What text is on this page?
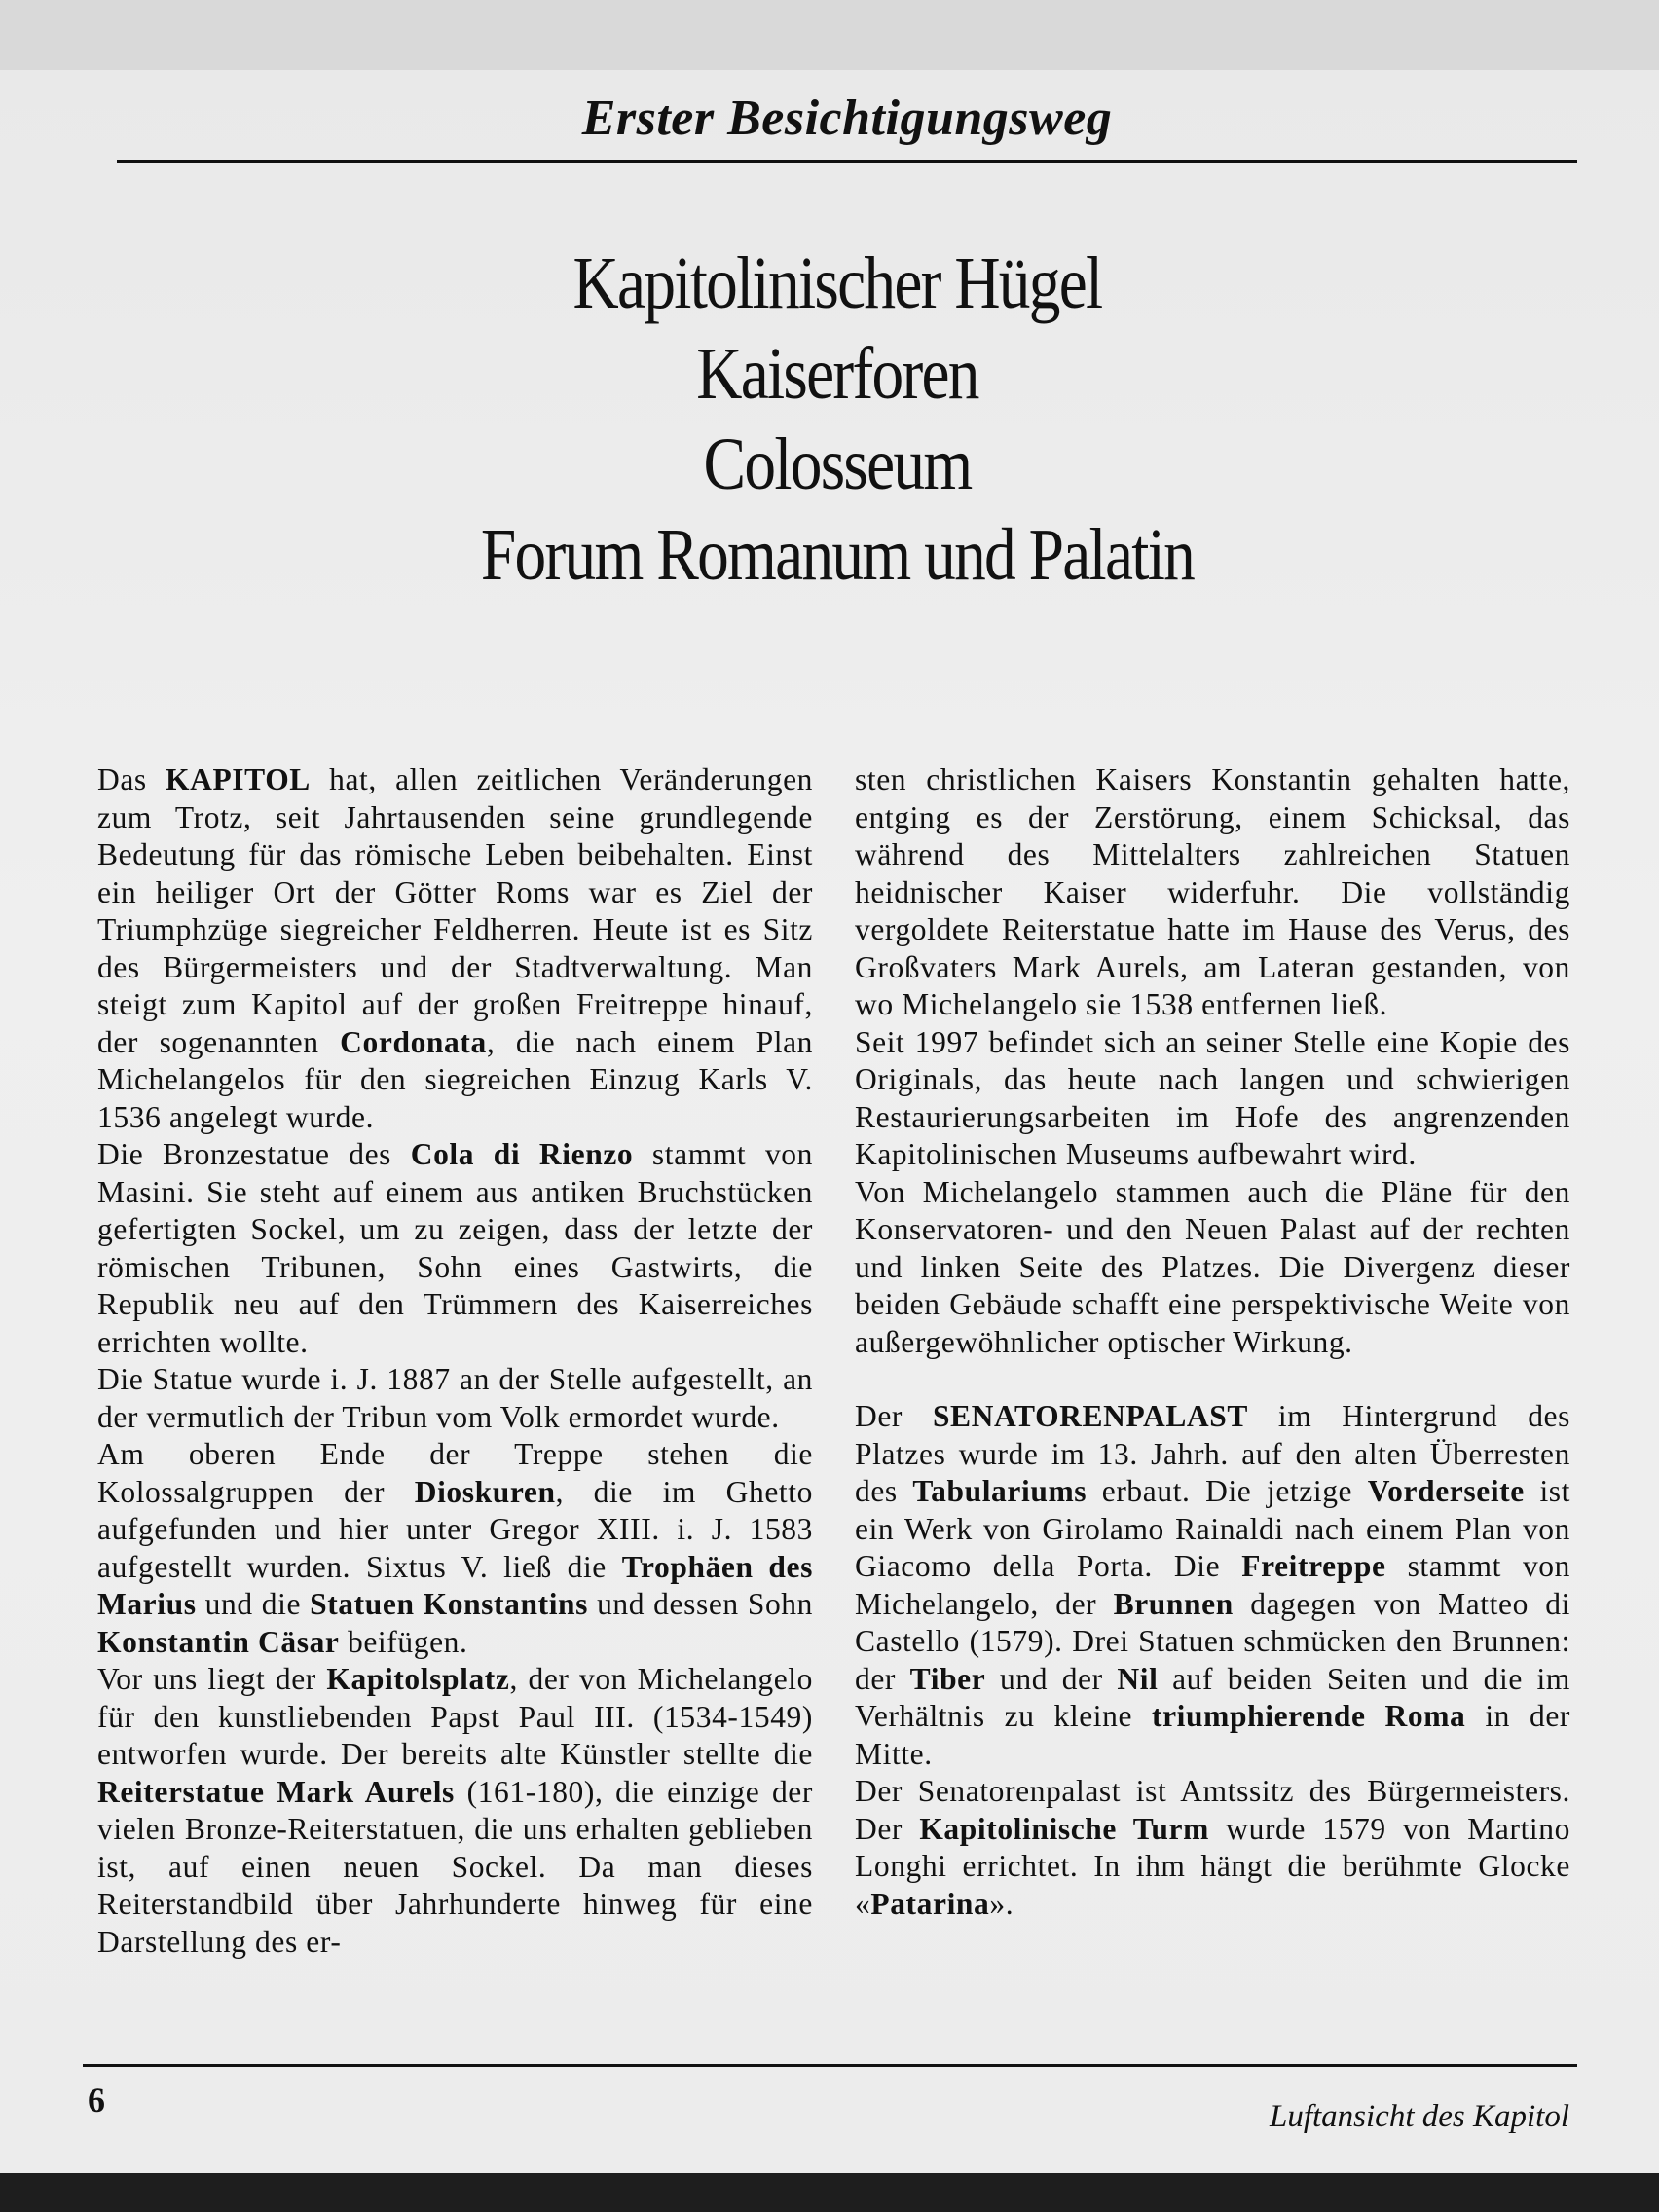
Erster Besichtigungsweg
Kapitolinischer Hügel
Kaiserforen
Colosseum
Forum Romanum und Palatin

Das KAPITOL hat, allen zeitlichen Veränderungen zum Trotz, seit Jahrtausenden seine grundlegende Bedeutung für das römische Leben beibehalten. Einst ein heiliger Ort der Götter Roms war es Ziel der Triumphzüge siegreicher Feldherren. Heute ist es Sitz des Bürgermeisters und der Stadtverwaltung. Man steigt zum Kapitol auf der großen Freitreppe hinauf, der sogenannten Cordonata, die nach einem Plan Michelangelos für den siegreichen Einzug Karls V. 1536 angelegt wurde.

Die Bronzestatue des Cola di Rienzo stammt von Masini. Sie steht auf einem aus antiken Bruchstücken gefertigten Sockel, um zu zeigen, dass der letzte der römischen Tribunen, Sohn eines Gastwirts, die Republik neu auf den Trümmern des Kaiserreiches errichten wollte.

Die Statue wurde i. J. 1887 an der Stelle aufgestellt, an der vermutlich der Tribun vom Volk ermordet wurde.

Am oberen Ende der Treppe stehen die Kolossalgruppen der Dioskuren, die im Ghetto aufgefunden und hier unter Gregor XIII. i. J. 1583 aufgestellt wurden. Sixtus V. ließ die Trophäen des Marius und die Statuen Konstantins und dessen Sohn Konstantin Cäsar beifügen.

Vor uns liegt der Kapitolsplatz, der von Michelangelo für den kunstliebenden Papst Paul III. (1534-1549) entworfen wurde. Der bereits alte Künstler stellte die Reiterstatue Mark Aurels (161-180), die einzige der vielen Bronze-Reiterstatuen, die uns erhalten geblieben ist, auf einen neuen Sockel. Da man dieses Reiterstandbild über Jahrhunderte hinweg für eine Darstellung des er-

sten christlichen Kaisers Konstantin gehalten hatte, entging es der Zerstörung, einem Schicksal, das während des Mittelalters zahlreichen Statuen heidnischer Kaiser widerfuhr. Die vollständig vergoldete Reiterstatue hatte im Hause des Verus, des Großvaters Mark Aurels, am Lateran gestanden, von wo Michelangelo sie 1538 entfernen ließ.

Seit 1997 befindet sich an seiner Stelle eine Kopie des Originals, das heute nach langen und schwierigen Restaurierungsarbeiten im Hofe des angrenzenden Kapitolinischen Museums aufbewahrt wird.

Von Michelangelo stammen auch die Pläne für den Konservatoren- und den Neuen Palast auf der rechten und linken Seite des Platzes. Die Divergenz dieser beiden Gebäude schafft eine perspektivische Weite von außergewöhnlicher optischer Wirkung.

Der SENATORENPALAST im Hintergrund des Platzes wurde im 13. Jahrh. auf den alten Überresten des Tabulariums erbaut. Die jetzige Vorderseite ist ein Werk von Girolamo Rainaldi nach einem Plan von Giacomo della Porta. Die Freitreppe stammt von Michelangelo, der Brunnen dagegen von Matteo di Castello (1579). Drei Statuen schmücken den Brunnen: der Tiber und der Nil auf beiden Seiten und die im Verhältnis zu kleine triumphierende Roma in der Mitte.

Der Senatorenpalast ist Amtssitz des Bürgermeisters. Der Kapitolinische Turm wurde 1579 von Martino Longhi errichtet. In ihm hängt die berühmte Glocke «Patarina».

6	Luftansicht des Kapitol
